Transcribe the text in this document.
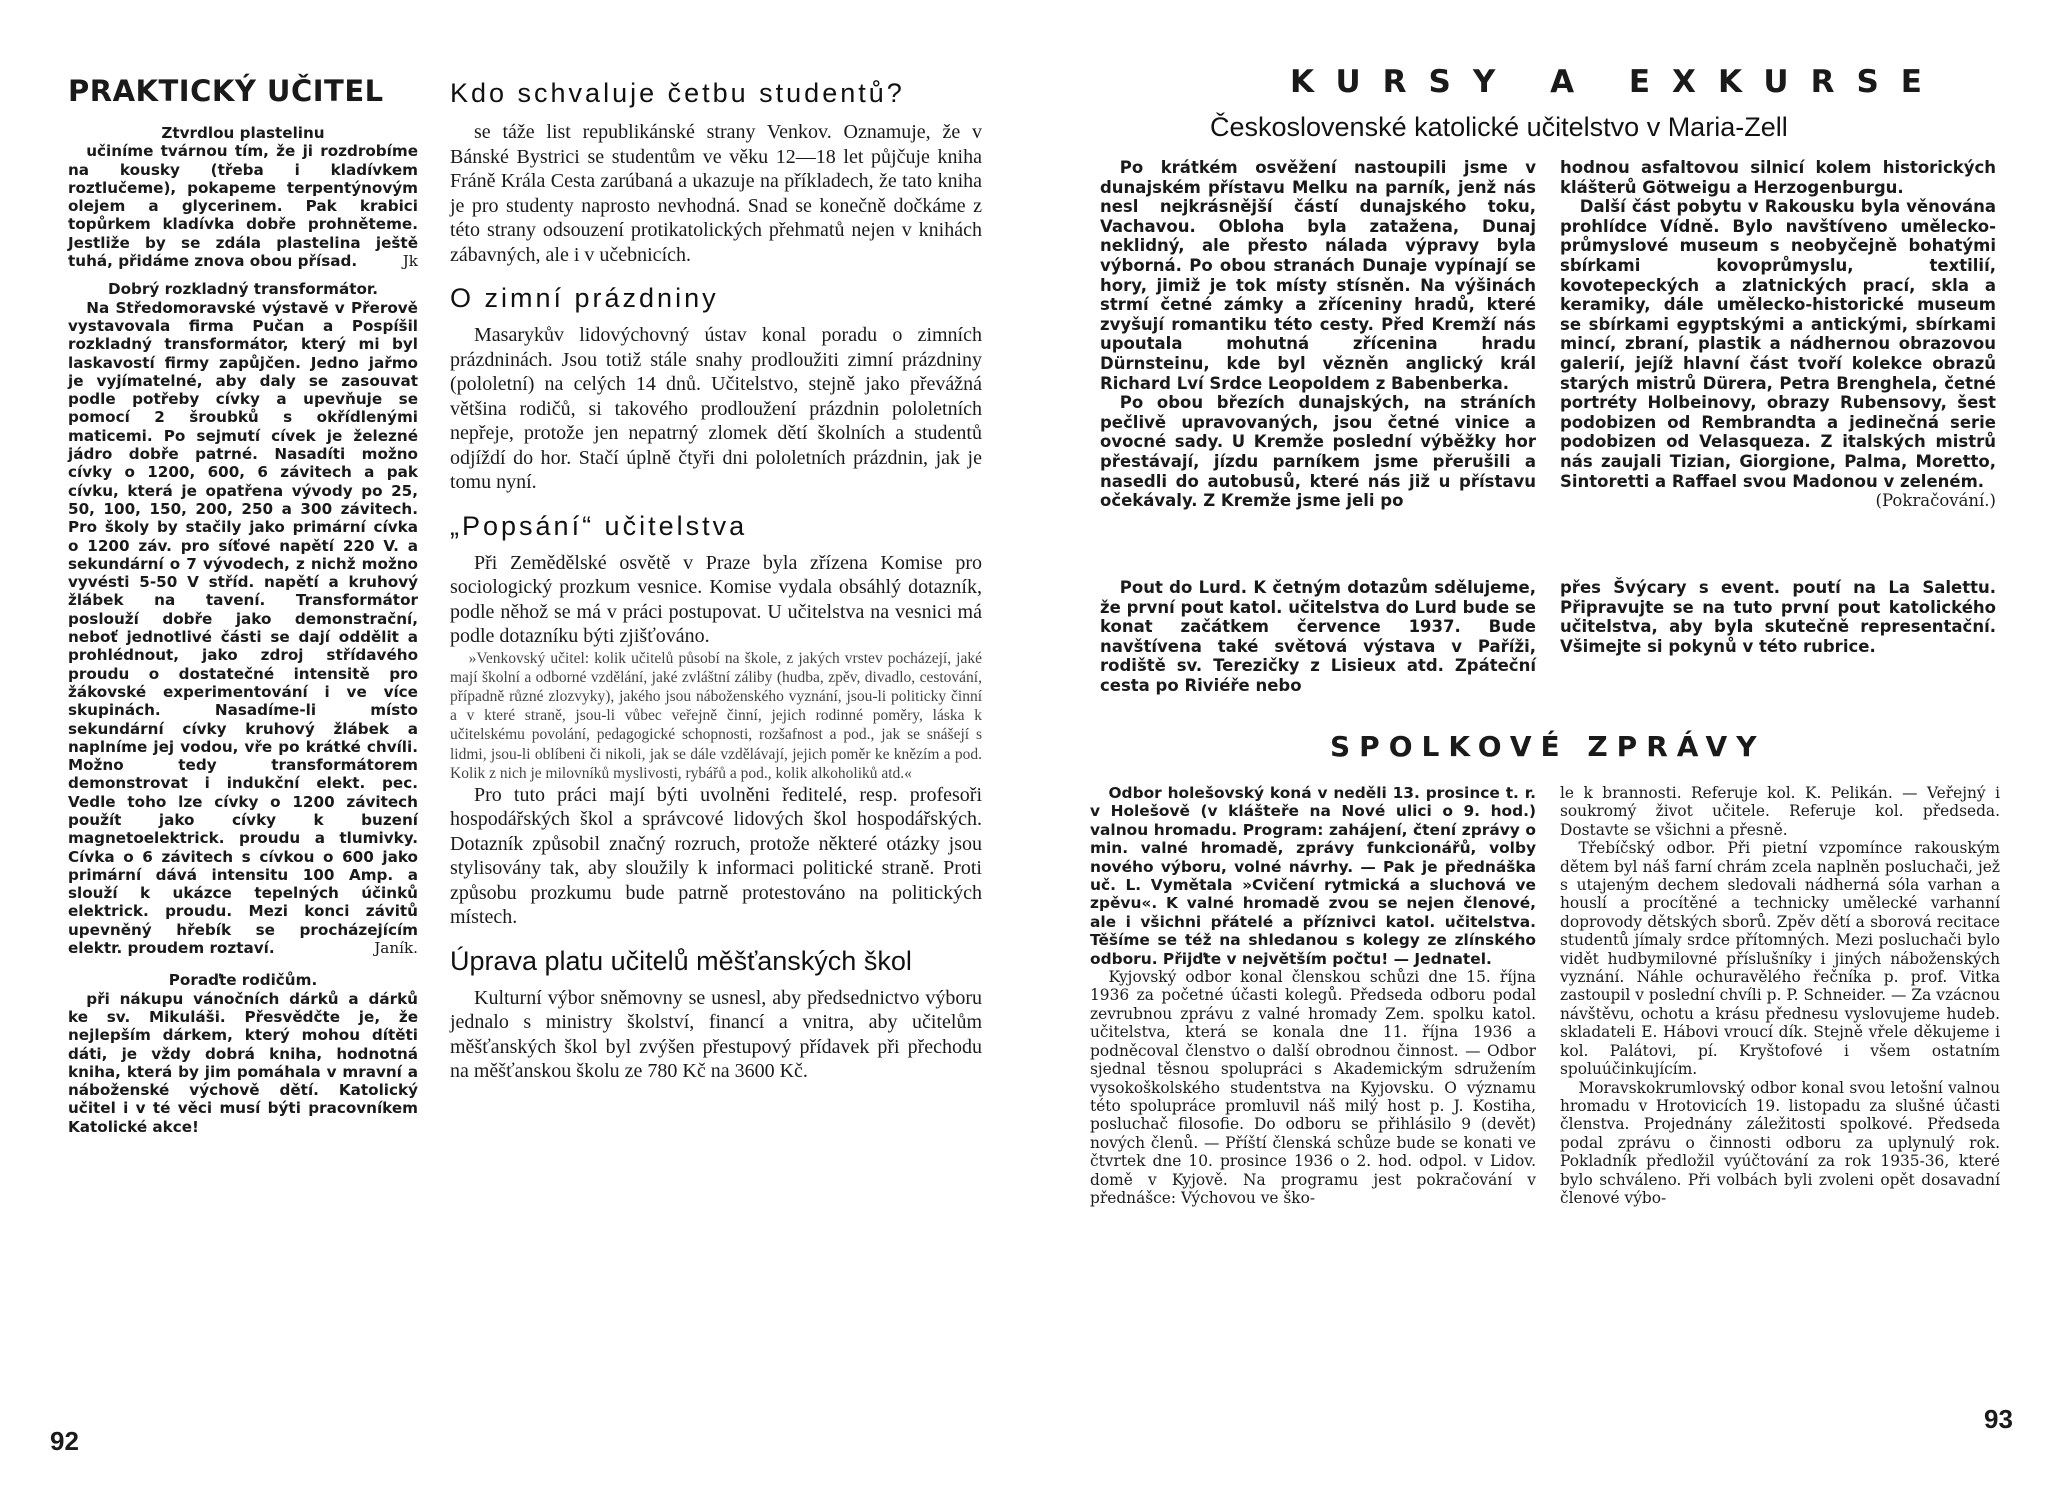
PRAKTICKÝ UČITEL
Ztvrdlou plastelinu

učiníme tvárnou tím, že ji rozdrobíme na kousky (třeba i kladívkem roztlučeme), pokapeme terpentýnovým olejem a glycerinem. Pak krabici topůrkem kladívka dobře prohněteme. Jestliže by se zdála plastelina ještě tuhá, přidáme znova obou přísad.	Jk

Dobrý rozkladný transformátor.

Na Středomoravské výstavě v Přerově vystavovala firma Pučan a Pospíšil rozkladný transformátor, který mi byl laskavostí firmy zapůjčen. Jedno jařmo je vyjímatelné, aby daly se zasouvat podle potřeby cívky a upevňuje se pomocí 2 šroubků s okřídlenými maticemi. Po sejmutí cívek je železné jádro dobře patrné. Nasadíti možno cívky o 1200, 600, 6 závitech a pak cívku, která je opatřena vývody po 25, 50, 100, 150, 200, 250 a 300 závitech. Pro školy by stačily jako primární cívka o 1200 záv. pro síťové napětí 220 V. a sekundární o 7 vývodech, z nichž možno vyvésti 5-50 V stříd. napětí a kruhový žlábek na tavení. Transformátor poslouží dobře jako demonstrační, neboť jednotlivé části se dají oddělit a prohlédnout, jako zdroj střídavého proudu o dostatečné intensitě pro žákovské experimentování i ve více skupinách. Nasadíme-li místo sekundární cívky kruhový žlábek a naplníme jej vodou, vře po krátké chvíli. Možno tedy transformátorem demonstrovat i indukční elekt. pec. Vedle toho lze cívky o 1200 závitech použít jako cívky k buzení magnetoelektrick. proudu a tlumivky. Cívka o 6 závitech s cívkou o 600 jako primární dává intensitu 100 Amp. a slouží k ukázce tepelných účinků elektrick. proudu. Mezi konci závitů upevněný hřebík se procházejícím elektr. proudem roztaví.	Janík.

Poraďte rodičům.

při nákupu vánočních dárků a dárků ke sv. Mikuláši. Přesvědčte je, že nejlepším dárkem, který mohou dítěti dáti, je vždy dobrá kniha, hodnotná kniha, která by jim pomáhala v mravní a náboženské výchově dětí. Katolický učitel i v té věci musí býti pracovníkem Katolické akce!

Kdo schvaluje četbu studentů?

se táže list republikánské strany Venkov. Oznamuje, že v Bánské Bystrici se studentům ve věku 12—18 let půjčuje kniha Fráně Krála Cesta zarúbaná a ukazuje na příkladech, že tato kniha je pro studenty naprosto nevhodná. Snad se konečně dočkáme z této strany odsouzení protikatolických přehmatů nejen v knihách zábavných, ale i v učebnicích.

O zimní prázdniny

Masarykův lidovýchovný ústav konal poradu o zimních prázdninách. Jsou totiž stále snahy prodloužiti zimní prázdniny (pololetní) na celých 14 dnů. Učitelstvo, stejně jako převážná většina rodičů, si takového prodloužení prázdnin pololetních nepřeje, protože jen nepatrný zlomek dětí školních a studentů odjíždí do hor. Stačí úplně čtyři dni pololetních prázdnin, jak je tomu nyní.

„Popsání“ učitelstva

Při Zemědělské osvětě v Praze byla zřízena Komise pro sociologický prozkum vesnice. Komise vydala obsáhlý dotazník, podle něhož se má v práci postupovat. U učitelstva na vesnici má podle dotazníku býti zjišťováno.

»Venkovský učitel: kolik učitelů působí na škole, z jakých vrstev pocházejí, jaké mají školní a odborné vzdělání, jaké zvláštní záliby (hudba, zpěv, divadlo, cestování, případně různé zlozvyky), jakého jsou náboženského vyznání, jsou-li politicky činní a v které straně, jsou-li vůbec veřejně činní, jejich rodinné poměry, láska k učitelskému povolání, pedagogické schopnosti, rozšafnost a pod., jak se snášejí s lidmi, jsou-li oblíbeni či nikoli, jak se dále vzdělávají, jejich poměr ke knězím a pod. Kolik z nich je milovníků myslivosti, rybářů a pod., kolik alkoholiků atd.«

Pro tuto práci mají býti uvolněni ředitelé, resp. profesoři hospodářských škol a správcové lidových škol hospodářských. Dotazník způsobil značný rozruch, protože některé otázky jsou stylisovány tak, aby sloužily k informaci politické straně. Proti způsobu prozkumu bude patrně protestováno na politických místech.

Úprava platu učitelů měšťanských škol

Kulturní výbor sněmovny se usnesl, aby předsednictvo výboru jednalo s ministry školství, financí a vnitra, aby učitelům měšťanských škol byl zvýšen přestupový přídavek při přechodu na měšťanskou školu ze 780 Kč na 3600 Kč.

92
KURSY A EXKURSE
Československé katolické učitelstvo v Maria-Zell

Po krátkém osvěžení nastoupili jsme v dunajském přístavu Melku na parník, jenž nás nesl nejkrásnější částí dunajského toku, Vachavou. Obloha byla zatažena, Dunaj neklidný, ale přesto nálada výpravy byla výborná. Po obou stranách Dunaje vypínají se hory, jimiž je tok místy stísněn. Na výšinách strmí četné zámky a zříceniny hradů, které zvyšují romantiku této cesty. Před Kremží nás upoutala mohutná zřícenina hradu Dürnsteinu, kde byl vězněn anglický král Richard Lví Srdce Leopoldem z Babenberka.

Po obou březích dunajských, na stráních pečlivě upravovaných, jsou četné vinice a ovocné sady. U Kremže poslední výběžky hor přestávají, jízdu parníkem jsme přerušili a nasedli do autobusů, které nás již u přístavu očekávaly. Z Kremže jsme jeli po

hodnou asfaltovou silnicí kolem historických klášterů Götweigu a Herzogenburgu.

Další část pobytu v Rakousku byla věnována prohlídce Vídně. Bylo navštíveno umělecko-průmyslové museum s neobyčejně bohatými sbírkami kovoprůmyslu, textilií, kovotepeckých a zlatnických prací, skla a keramiky, dále umělecko-historické museum se sbírkami egyptskými a antickými, sbírkami mincí, zbraní, plastik a nádhernou obrazovou galerií, jejíž hlavní část tvoří kolekce obrazů starých mistrů Dürera, Petra Brenghela, četné portréty Holbeinovy, obrazy Rubensovy, šest podobizen od Rembrandta a jedinečná serie podobizen od Velasqueza. Z italských mistrů nás zaujali Tizian, Giorgione, Palma, Moretto, Sintoretti a Raffael svou Madonou v zeleném.

(Pokračování.)

Pout do Lurd. K četným dotazům sdělujeme, že první pout katol. učitelstva do Lurd bude se konat začátkem července 1937. Bude navštívena také světová výstava v Paříži, rodiště sv. Terezičky z Lisieux atd. Zpáteční cesta po Riviéře nebo

přes Švýcary s event. poutí na La Salettu. Připravujte se na tuto první pout katolického učitelstva, aby byla skutečně representační. Všimejte si pokynů v této rubrice.

SPOLKOVÉ ZPRÁVY

Odbor holešovský koná v neděli 13. prosince t. r. v Holešově (v klášteře na Nové ulici o 9. hod.) valnou hromadu. Program: zahájení, čtení zprávy o min. valné hromadě, zprávy funkcionářů, volby nového výboru, volné návrhy. — Pak je přednáška uč. L. Vymětala »Cvičení rytmická a sluchová ve zpěvu«. K valné hromadě zvou se nejen členové, ale i všichni přátelé a příznivci katol. učitelstva. Těšíme se též na shledanou s kolegy ze zlínského odboru. Přijďte v největším počtu! — Jednatel.

Kyjovský odbor konal členskou schůzi dne 15. října 1936 za početné účasti kolegů. Předseda odboru podal zevrubnou zprávu z valné hromady Zem. spolku katol. učitelstva, která se konala dne 11. října 1936 a podněcoval členstvo o další obrodnou činnost. — Odbor sjednal těsnou spolupráci s Akademickým sdružením vysokoškolského studentstva na Kyjovsku. O významu této spolupráce promluvil náš milý host p. J. Kostiha, posluchač filosofie. Do odboru se přihlásilo 9 (devět) nových členů. — Příští členská schůze bude se konati ve čtvrtek dne 10. prosince 1936 o 2. hod. odpol. v Lidov. domě v Kyjově. Na programu jest pokračování v přednášce: Výchovou ve ško-

le k brannosti. Referuje kol. K. Pelikán. — Veřejný i soukromý život učitele. Referuje kol. předseda. Dostavte se všichni a přesně.

Třebíčský odbor. Při pietní vzpomínce rakouským dětem byl náš farní chrám zcela naplněn posluchači, jež s utajeným dechem sledovali nádherná sóla varhan a houslí a procítěné a technicky umělecké varhanní doprovody dětských sborů. Zpěv dětí a sborová recitace studentů jímaly srdce přítomných. Mezi posluchači bylo vidět hudbymilovné příslušníky i jiných náboženských vyznání. Náhle ochuravělého řečníka p. prof. Vitka zastoupil v poslední chvíli p. P. Schneider. — Za vzácnou návštěvu, ochotu a krásu přednesu vyslovujeme hudeb. skladateli E. Hábovi vroucí dík. Stejně vřele děkujeme i kol. Palátovi, pí. Kryštofové i všem ostatním spoluúčinkujícím.

Moravskokrumlovský odbor konal svou letošní valnou hromadu v Hrotovicích 19. listopadu za slušné účasti členstva. Projednány záležitosti spolkové. Předseda podal zprávu o činnosti odboru za uplynulý rok. Pokladník předložil vyúčtování za rok 1935-36, které bylo schváleno. Při volbách byli zvoleni opět dosavadní členové výbo-

93
